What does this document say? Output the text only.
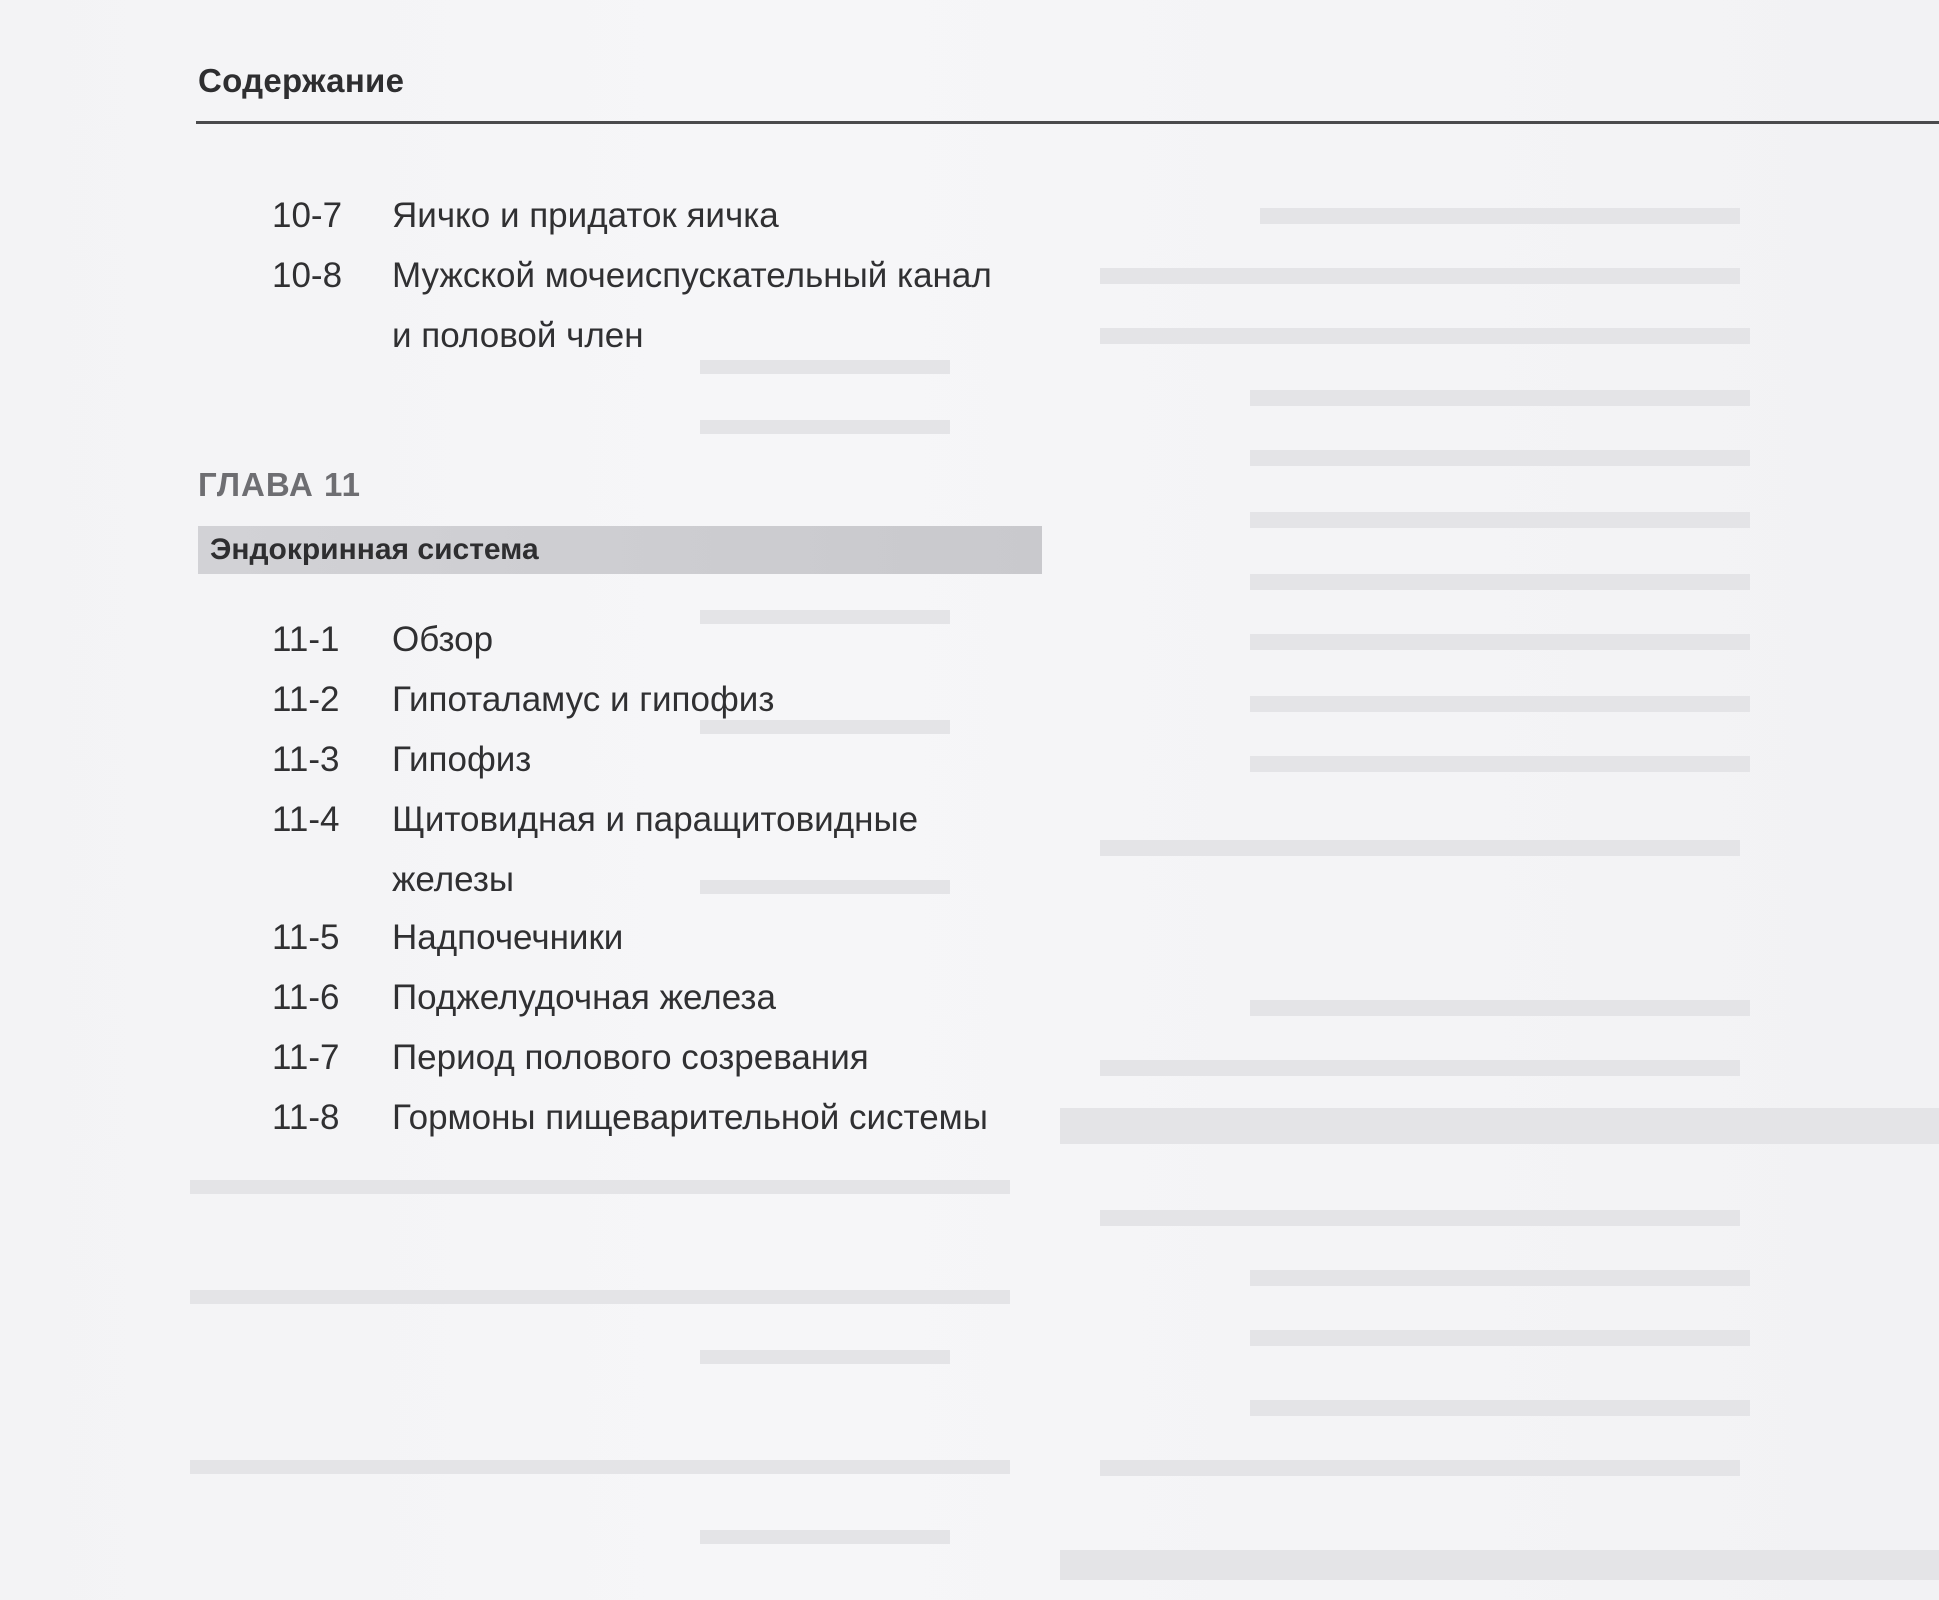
Содержание
10-7 Яичко и придаток яичка
10-8 Мужской мочеиспускательный канал
и половой член
ГЛАВА 11
Эндокринная система
11-1 Обзор
11-2 Гипоталамус и гипофиз
11-3 Гипофиз
11-4 Щитовидная и паращитовидные
железы
11-5 Надпочечники
11-6 Поджелудочная железа
11-7 Период полового созревания
11-8 Гормоны пищеварительной системы
